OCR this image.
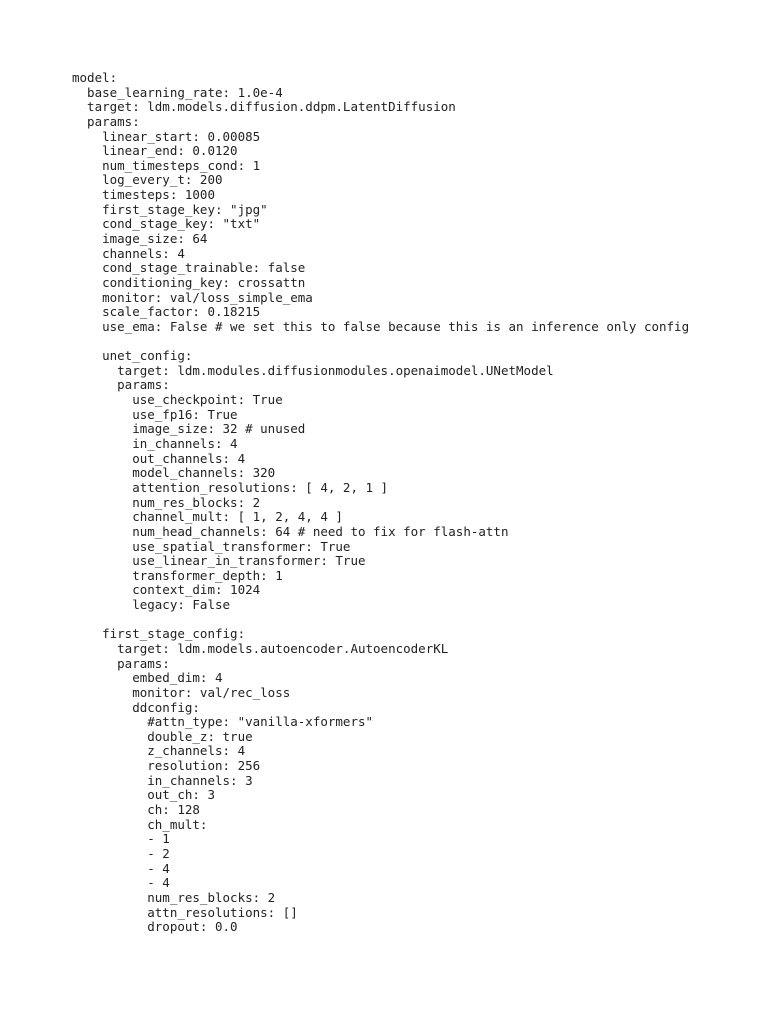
model:
base_learning_rate: 1.0e-4
target: ldm.models.diffusion.ddpm.LatentDiffusion
params:
linear_start: 0.00085
linear_end: 0.0120
num_timesteps_cond: 1
log_every_t: 200
timesteps: 1000
first_stage_key: "jpg"
cond_stage_key: "txt"
image_size: 64
channels: 4
cond_stage_trainable: false
conditioning_key: crossattn
monitor: val/loss_simple_ema
scale_factor: 0.18215
use_ema: False # we set this to false because this is an inference only config
unet_config:
target: ldm.modules.diffusionmodules.openaimodel.UNetModel
params:
use_checkpoint: True
use_fp16: True
image_size: 32 # unused
in_channels: 4
out_channels: 4
model_channels: 320
attention_resolutions: [ 4, 2, 1 ]
num_res_blocks: 2
channel_mult: [ 1, 2, 4, 4 ]
num_head_channels: 64 # need to fix for flash-attn
use_spatial_transformer: True
use_linear_in_transformer: True
transformer_depth: 1
context_dim: 1024
legacy: False
first_stage_config:
target: ldm.models.autoencoder.AutoencoderKL
params:
embed_dim: 4
monitor: val/rec_loss
ddconfig:
#attn_type: "vanilla-xformers"
double_z: true
z_channels: 4
resolution: 256
in_channels: 3
out_ch: 3
ch: 128
ch_mult:
- 1
- 2
- 4
- 4
num_res_blocks: 2
attn_resolutions: []
dropout: 0.0
